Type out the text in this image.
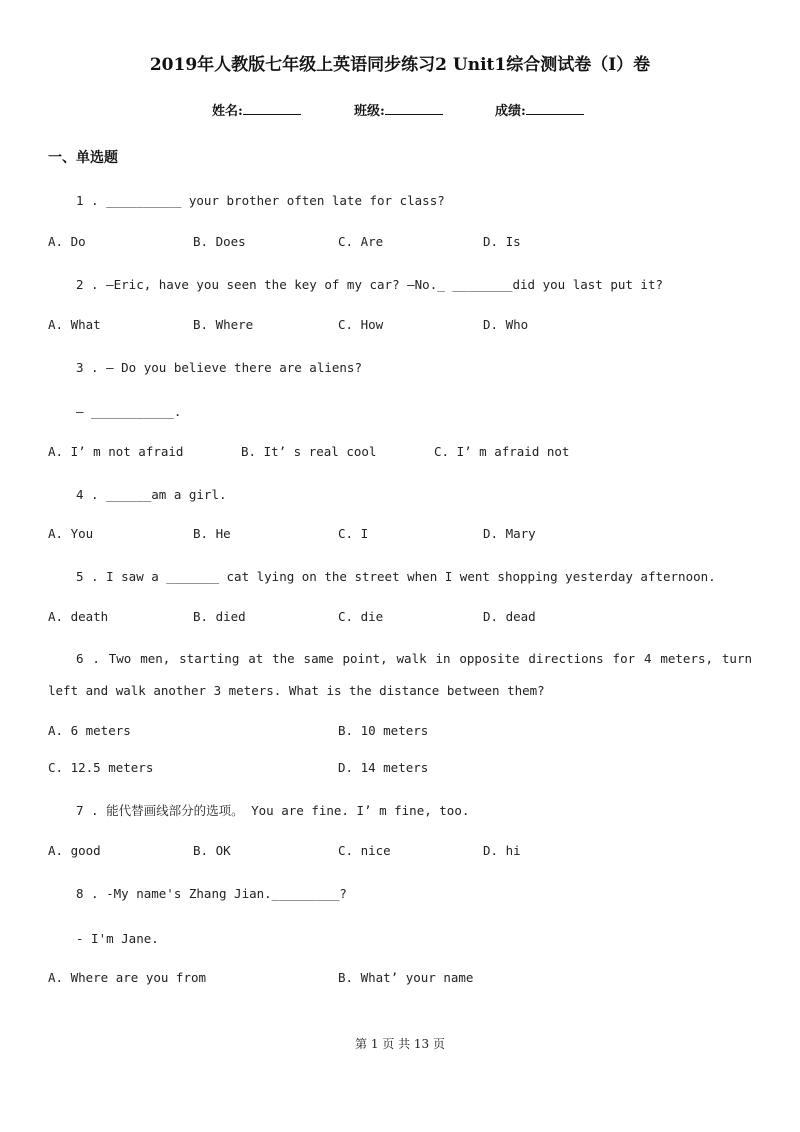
2019年人教版七年级上英语同步练习2 Unit1综合测试卷（I）卷
姓名:	班级:	成绩:
一、单选题
1 . __________ your brother often late for class?
A. Do	B. Does	C. Are	D. Is
2 . —Eric, have you seen the key of my car? —No._ ________did you last put it?
A. What	B. Where	C. How	D. Who
3 . — Do you believe there are aliens?
— ___________.
A. I’ m not afraid	B. It’ s real cool	C. I’ m afraid not
4 . ______am a girl.
A. You	B. He	C. I	D. Mary
5 . I saw a _______ cat lying on the street when I went shopping yesterday afternoon.
A. death	B. died	C. die	D. dead
6 . Two men, starting at the same point, walk in opposite directions for 4 meters, turn left and walk another 3 meters. What is the distance between them?
A. 6 meters	B. 10 meters
C. 12.5 meters	D. 14 meters
7 . 能代替画线部分的选项。 You are fine. I’ m fine, too.
A. good	B. OK	C. nice	D. hi
8 . -My name's Zhang Jian._________?
- I'm Jane.
A. Where are you from	B. What’ your name
第 1 页 共 13 页
